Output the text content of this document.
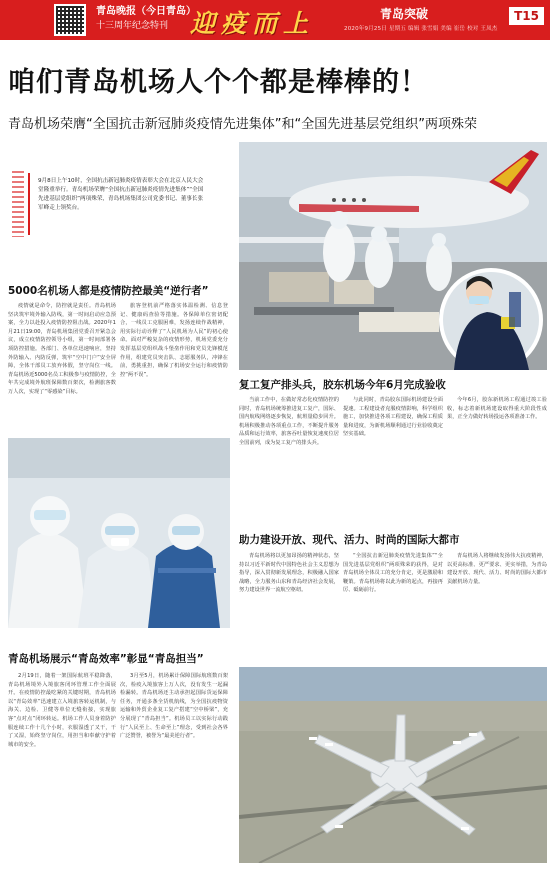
青岛晚报（今日青岛）
十三周年纪念特刊 迎疫而上	青岛突破
2020年9月25日 星期五 编辑 张雪娟 美编 崔岳 校对 王凤杰
T15
咱们青岛机场人个个都是棒棒的！
青岛机场荣膺“全国抗击新冠肺炎疫情先进集体”和“全国先进基层党组织”两项殊荣
9月8日上午10时，全国抗击新冠肺炎疫情表彰大会在北京人民大会堂隆重举行。青岛机场荣膺“全国抗击新冠肺炎疫情先进集体”“全国先进基层党组织”两项殊荣，青岛机场集团公司党委书记、董事长张军峰走上领奖台。
5000名机场人都是疫情防控最美“逆行者”
疫情就是命令，防控就是责任。青岛机场坚决筑牢境外输入防线，第一时间启动应急预案，全力以赴投入疫情防控阻击战。2020年1月21日19:00，青岛机场集团党委召开紧急会议，成立疫情防控领导小组，第一时间部署各项防控措施。各部门、各单位迅速响应，坚持外防输入、内防反弹，筑牢“空中门户”安全屏障，全体干部员工放弃休假，坚守岗位一线。青岛机场近5000名员工积极参与疫情防控，全年共完成境外航班保障数百架次，检测旅客数万人次，实现了“零感染”目标。
旅客登机前严格落实体温检测、信息登记、健康码查验等措施。各保障单位密切配合，一线员工克服困难，发扬连续作战精神，用实际行动诠释了“人民机场为人民”的初心使命。面对严峻复杂的疫情形势，机场党委充分发挥基层党组织战斗堡垒作用和党员先锋模范作用，组建党员突击队、志愿服务队，冲锋在前，勇挑重担，确保了机场安全运行和疫情防控“两不误”。
复工复产排头兵，胶东机场今年6月完成验收
当前工作中，在做好常态化疫情防控的同时，青岛机场统筹推进复工复产，国际、国内航线网络逐步恢复，航班量稳步回升。机场积极推动各项重点工作，不断提升服务品质和运行效率，旅客吞吐量恢复速度位居全国前列，成为复工复产的排头兵。
与此同时，青岛胶东国际机场建设全面提速。工程建设者克服疫情影响，科学组织施工，加快推进各项工程建设，确保工程质量和进度，为新机场顺利通过行业验收奠定坚实基础。
今年6月，胶东新机场工程通过竣工验收，标志着新机场建设取得重大阶段性成果，正全力做好转场投运各项准备工作。
青岛机场展示“青岛效率”彰显“青岛担当”
2月19日，随着一架国际航班平稳降落，青岛机场境外入境旅客闭环管理工作全面展开。在疫情防控最吃紧的关键时期，青岛机场以“青岛效率”迅速建立入境旅客转运机制，与海关、边检、卫健等单位无缝衔接，实现旅客“点对点”闭环转运。机场工作人员身着防护服连续工作十几个小时，衣服湿透了又干，干了又湿，始终坚守岗位，用担当和奉献守护着城市的安全。
3月至5月，机场累计保障国际航班数百架次，检疫入境旅客上万人次，没有发生一起漏检漏转。青岛机场还主动承担起国际货运保障任务，开通多条全货机航线，为全国抗疫物资运输和外贸企业复工复产搭建“空中桥梁”，充分展现了“青岛担当”。机场员工以实际行动践行“人民至上、生命至上”理念，受到社会各界广泛赞誉，被誉为“最美逆行者”。
助力建设开放、现代、活力、时尚的国际大都市
青岛机场将以更加昂扬的精神状态，坚持以习近平新时代中国特色社会主义思想为指导，深入贯彻新发展理念，积极融入国家战略，全力服务山东和青岛经济社会发展，努力建设世界一流航空枢纽。
“全国抗击新冠肺炎疫情先进集体”“全国先进基层党组织”两项殊荣的获得，是对青岛机场全体员工的充分肯定，更是激励和鞭策。青岛机场将以此为新的起点，再接再厉、砥砺前行。
青岛机场人将继续发扬伟大抗疫精神，以更高标准、更严要求、更实举措，为青岛建设开放、现代、活力、时尚的国际大都市贡献机场力量。
